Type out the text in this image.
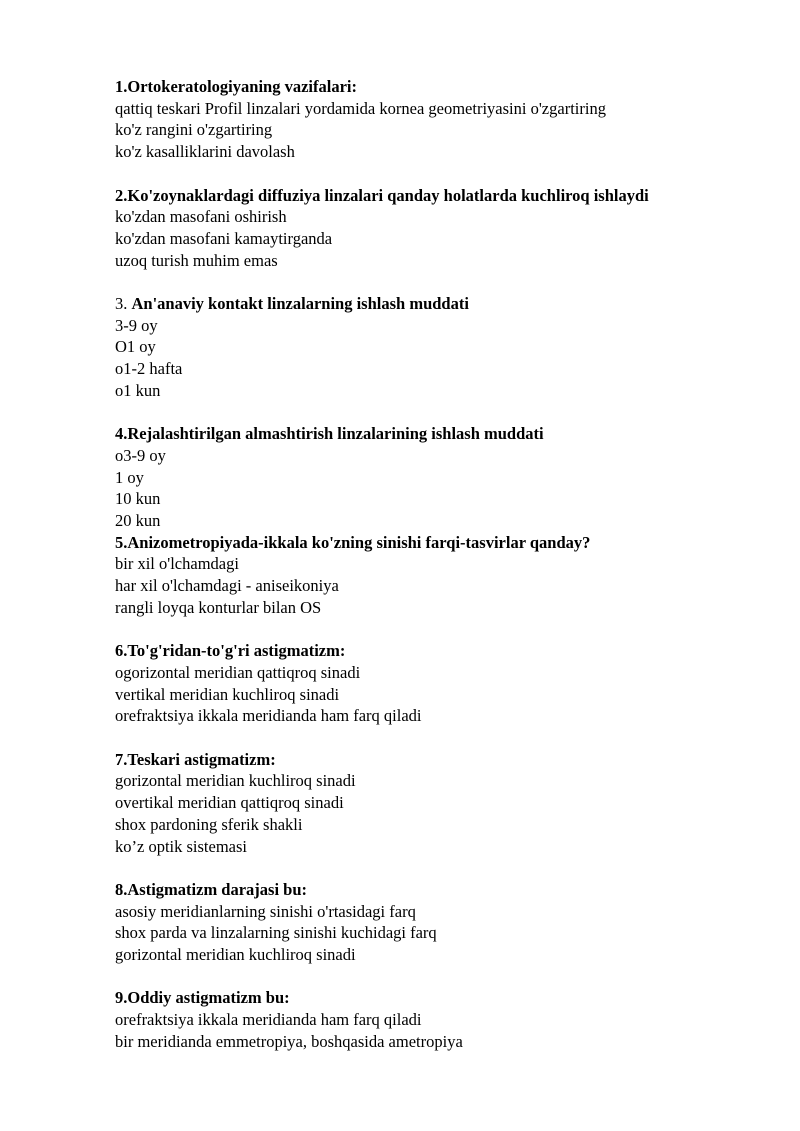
1.Ortokeratologiyaning vazifalari:
qattiq teskari Profil linzalari yordamida kornea geometriyasini o'zgartiring
ko'z rangini o'zgartiring
ko'z kasalliklarini davolash
2.Ko'zoynaklardagi diffuziya linzalari qanday holatlarda kuchliroq ishlaydi
ko'zdan masofani oshirish
ko'zdan masofani kamaytirganda
uzoq turish muhim emas
3. An'anaviy kontakt linzalarning ishlash muddati
3-9 oy
O1 oy
o1-2 hafta
o1 kun
4.Rejalashtirilgan almashtirish linzalarining ishlash muddati
o3-9 oy
1 oy
10 kun
20 kun
5.Anizometropiyada-ikkala ko'zning sinishi farqi-tasvirlar qanday?
bir xil o'lchamdagi
har xil o'lchamdagi - aniseikoniya
rangli loyqa konturlar bilan OS
6.To'g'ridan-to'g'ri astigmatizm:
ogorizontal meridian qattiqroq sinadi
vertikal meridian kuchliroq sinadi
orefraktsiya ikkala meridianda ham farq qiladi
7.Teskari astigmatizm:
gorizontal meridian kuchliroq sinadi
overtikal meridian qattiqroq sinadi
shox pardoning sferik shakli
ko’z optik sistemasi
8.Astigmatizm darajasi bu:
asosiy meridianlarning sinishi o'rtasidagi farq
shox parda va linzalarning sinishi kuchidagi farq
gorizontal meridian kuchliroq sinadi
9.Oddiy astigmatizm bu:
orefraktsiya ikkala meridianda ham farq qiladi
bir meridianda emmetropiya, boshqasida ametropiya
